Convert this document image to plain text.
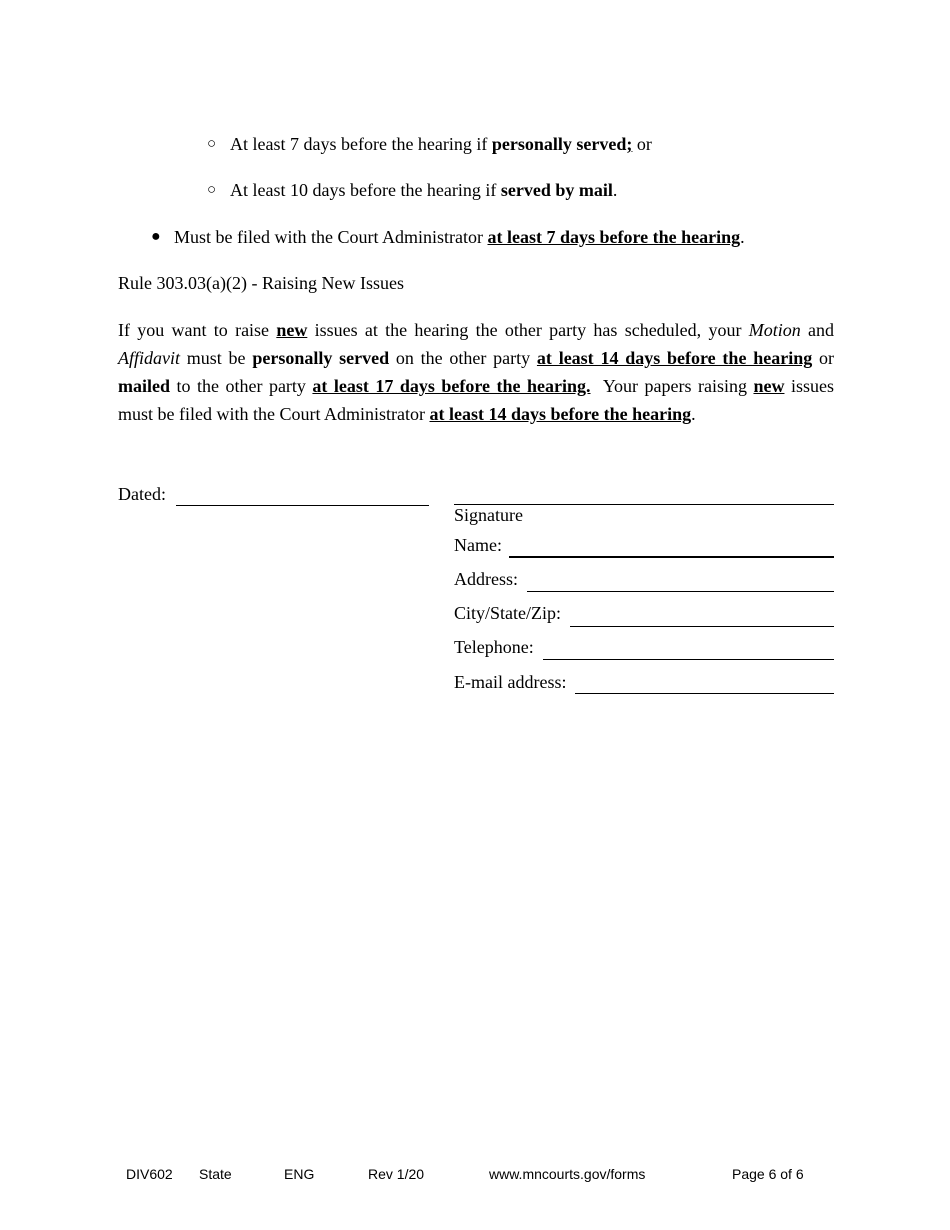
○ At least 7 days before the hearing if personally served; or
○ At least 10 days before the hearing if served by mail.
● Must be filed with the Court Administrator at least 7 days before the hearing.
Rule 303.03(a)(2) - Raising New Issues
If you want to raise new issues at the hearing the other party has scheduled, your Motion and Affidavit must be personally served on the other party at least 14 days before the hearing or mailed to the other party at least 17 days before the hearing.  Your papers raising new issues must be filed with the Court Administrator at least 14 days before the hearing.
Dated:
Signature
Name:
Address:
City/State/Zip:
Telephone:
E-mail address:
DIV602 State	ENG	Rev 1/20	www.mncourts.gov/forms	Page 6 of 6
